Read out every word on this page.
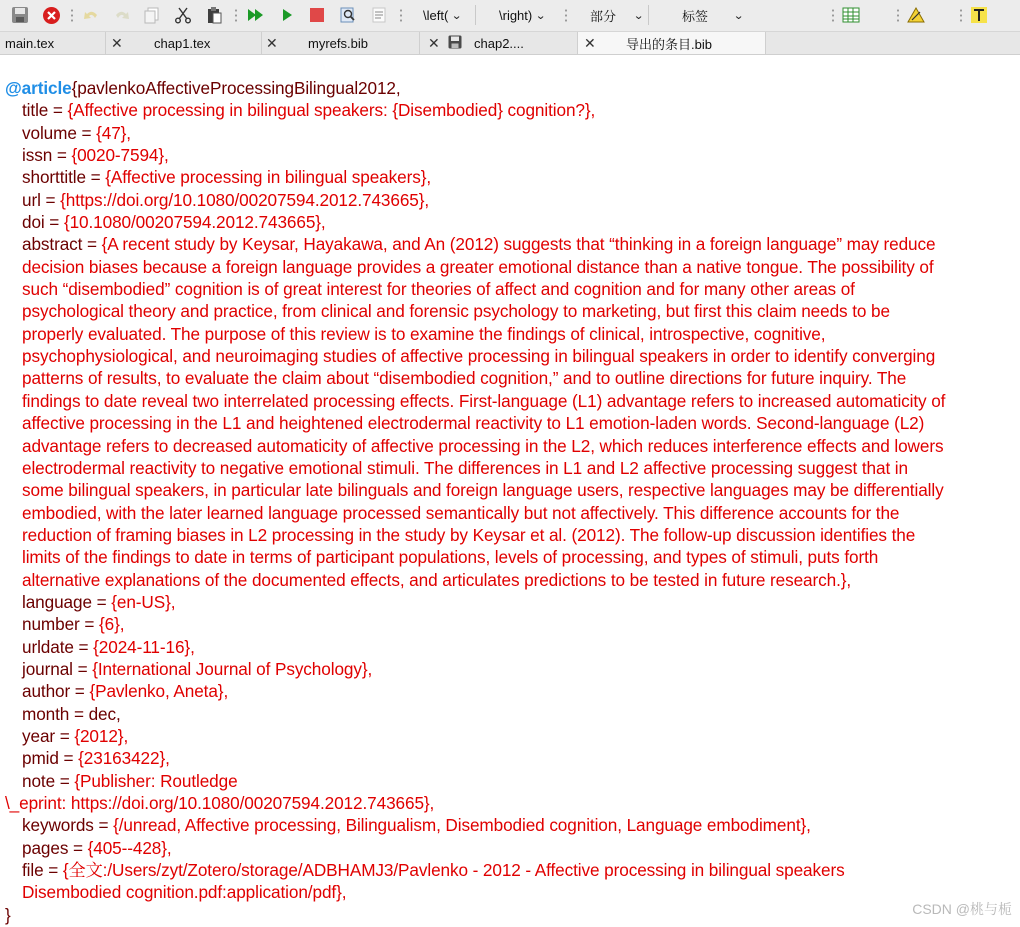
\left( ⌄	\right) ⌄	部分 ⌄	标签 ⌄
main.tex	✕ chap1.tex	✕ myrefs.bib	✕	chap2....	✕ 导出的条目.bib
@article{pavlenkoAffectiveProcessingBilingual2012,
title = {Affective processing in bilingual speakers: {Disembodied} cognition?},
volume = {47},
issn = {0020-7594},
shorttitle = {Affective processing in bilingual speakers},
url = {https://doi.org/10.1080/00207594.2012.743665},
doi = {10.1080/00207594.2012.743665},
abstract = {A recent study by Keysar, Hayakawa, and An (2012) suggests that “thinking in a foreign language” may reduce
decision biases because a foreign language provides a greater emotional distance than a native tongue. The possibility of
such “disembodied” cognition is of great interest for theories of affect and cognition and for many other areas of
psychological theory and practice, from clinical and forensic psychology to marketing, but first this claim needs to be
properly evaluated. The purpose of this review is to examine the findings of clinical, introspective, cognitive,
psychophysiological, and neuroimaging studies of affective processing in bilingual speakers in order to identify converging
patterns of results, to evaluate the claim about “disembodied cognition,” and to outline directions for future inquiry. The
findings to date reveal two interrelated processing effects. First-language (L1) advantage refers to increased automaticity of
affective processing in the L1 and heightened electrodermal reactivity to L1 emotion-laden words. Second-language (L2)
advantage refers to decreased automaticity of affective processing in the L2, which reduces interference effects and lowers
electrodermal reactivity to negative emotional stimuli. The differences in L1 and L2 affective processing suggest that in
some bilingual speakers, in particular late bilinguals and foreign language users, respective languages may be differentially
embodied, with the later learned language processed semantically but not affectively. This difference accounts for the
reduction of framing biases in L2 processing in the study by Keysar et al. (2012). The follow-up discussion identifies the
limits of the findings to date in terms of participant populations, levels of processing, and types of stimuli, puts forth
alternative explanations of the documented effects, and articulates predictions to be tested in future research.},
language = {en-US},
number = {6},
urldate = {2024-11-16},
journal = {International Journal of Psychology},
author = {Pavlenko, Aneta},
month = dec,
year = {2012},
pmid = {23163422},
note = {Publisher: Routledge
\_eprint: https://doi.org/10.1080/00207594.2012.743665},
keywords = {/unread, Affective processing, Bilingualism, Disembodied cognition, Language embodiment},
pages = {405--428},
file = {全文:/Users/zyt/Zotero/storage/ADBHAMJ3/Pavlenko - 2012 - Affective processing in bilingual speakers
Disembodied cognition.pdf:application/pdf},
}	CSDN @桃与栀
